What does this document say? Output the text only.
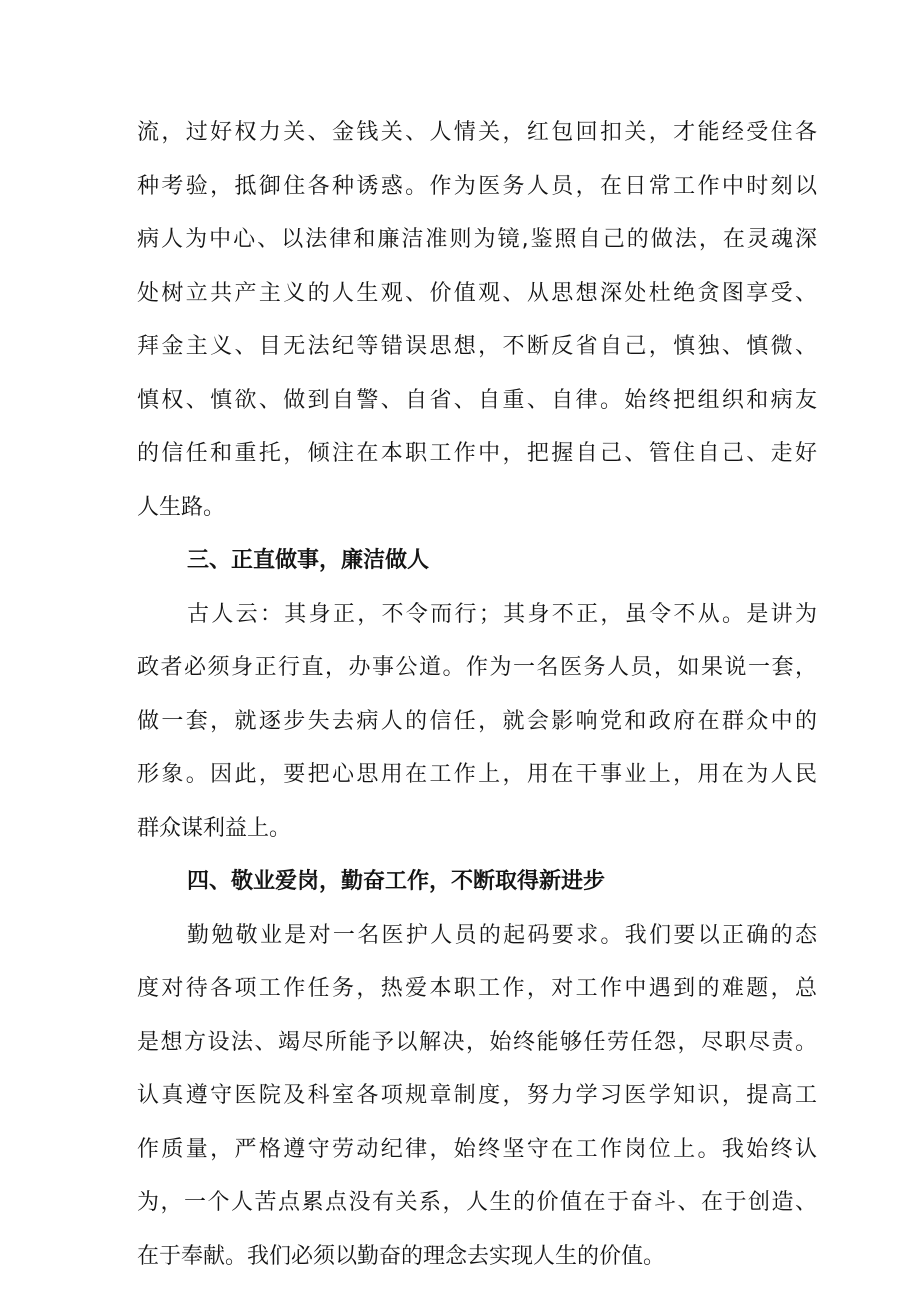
流，过好权力关、金钱关、人情关，红包回扣关，才能经受住各
种考验，抵御住各种诱惑。作为医务人员，在日常工作中时刻以
病人为中心、以法律和廉洁准则为镜,鉴照自己的做法，在灵魂深
处树立共产主义的人生观、价值观、从思想深处杜绝贪图享受、
拜金主义、目无法纪等错误思想，不断反省自己，慎独、慎微、
慎权、慎欲、做到自警、自省、自重、自律。始终把组织和病友
的信任和重托，倾注在本职工作中，把握自己、管住自己、走好
人生路。
三、正直做事，廉洁做人
古人云：其身正，不令而行；其身不正，虽令不从。是讲为
政者必须身正行直，办事公道。作为一名医务人员，如果说一套，
做一套，就逐步失去病人的信任，就会影响党和政府在群众中的
形象。因此，要把心思用在工作上，用在干事业上，用在为人民
群众谋利益上。
四、敬业爱岗，勤奋工作，不断取得新进步
勤勉敬业是对一名医护人员的起码要求。我们要以正确的态
度对待各项工作任务，热爱本职工作，对工作中遇到的难题，总
是想方设法、竭尽所能予以解决，始终能够任劳任怨，尽职尽责。
认真遵守医院及科室各项规章制度，努力学习医学知识，提高工
作质量，严格遵守劳动纪律，始终坚守在工作岗位上。我始终认
为，一个人苦点累点没有关系，人生的价值在于奋斗、在于创造、
在于奉献。我们必须以勤奋的理念去实现人生的价值。
